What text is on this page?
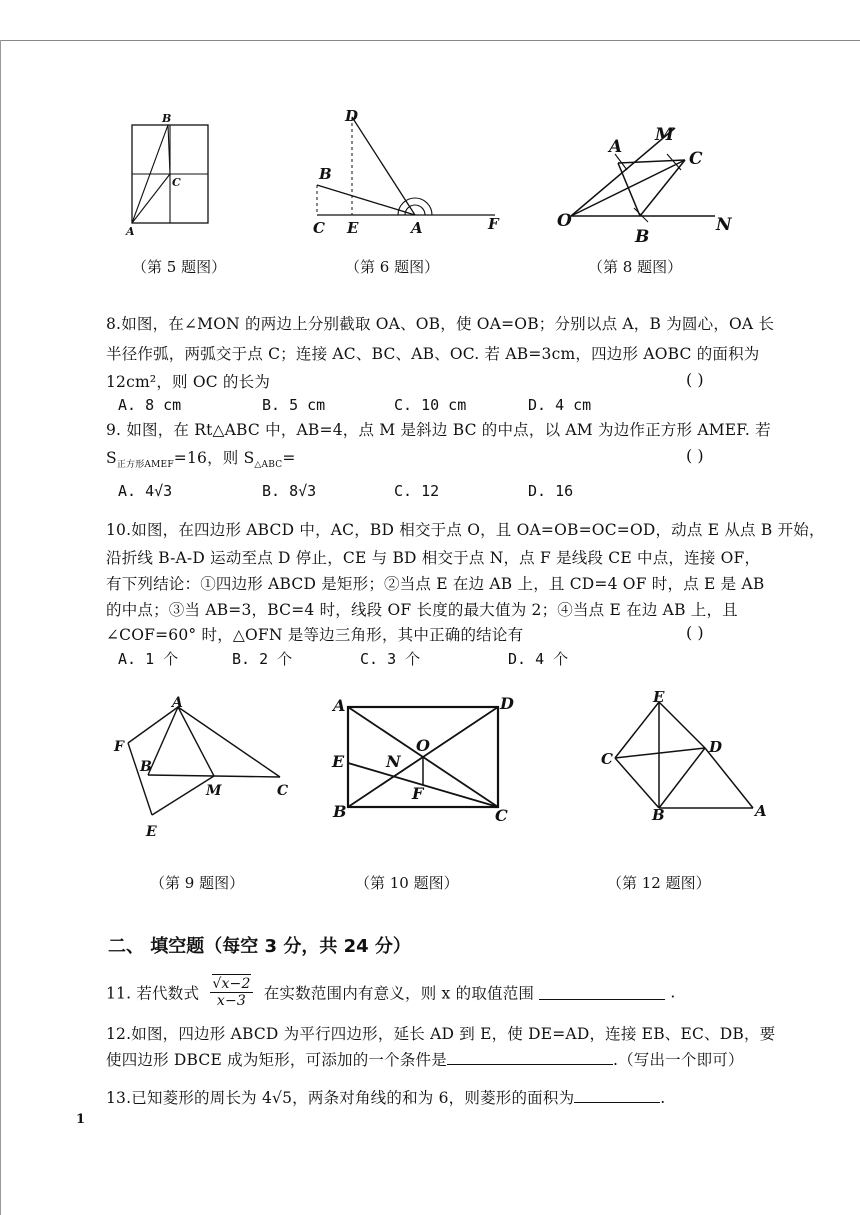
B
C
A
（第 5 题图）
D
B
C E	A	F
（第 6 题图）
A
M
C
O
B
N
（第 8 题图）
8.如图，在∠MON 的两边上分别截取 OA、OB，使 OA=OB；分别以点 A，B 为圆心，OA 长
半径作弧，两弧交于点 C；连接 AC、BC、AB、OC. 若 AB=3cm，四边形 AOBC 的面积为
12cm²，则 OC 的长为	( )
A. 8 cm	B. 5 cm	C. 10 cm	D. 4 cm
9. 如图，在 Rt△ABC 中，AB=4，点 M 是斜边 BC 的中点，以 AM 为边作正方形 AMEF. 若
$S_{正方形AMEF}=16$，则 $S_{\triangle ABC}=$	( )
A. 4√3	B. 8√3	C. 12	D. 16
10.如图，在四边形 ABCD 中，AC，BD 相交于点 O，且 OA=OB=OC=OD，动点 E 从点 B 开始，
沿折线 B-A-D 运动至点 D 停止，CE 与 BD 相交于点 N，点 F 是线段 CE 中点，连接 OF，
有下列结论：①四边形 ABCD 是矩形；②当点 E 在边 AB 上，且 CD=4 OF 时，点 E 是 AB
的中点；③当 AB=3，BC=4 时，线段 OF 长度的最大值为 2；④当点 E 在边 AB 上，且
∠COF=60° 时，△OFN 是等边三角形，其中正确的结论有	( )
A. 1 个	B. 2 个	C. 3 个	D. 4 个
A
F
B
M	C
E
（第 9 题图）
A	D
O
E	N
F
B	C
（第 10 题图）
E
D
C
B	A
（第 12 题图）
二、 填空题（每空 3 分，共 24 分）
11. 若代数式 $\frac{√x-2}{x-3}$ 在实数范围内有意义，则 x 的取值范围	.
12.如图，四边形 ABCD 为平行四边形，延长 AD 到 E，使 DE=AD，连接 EB、EC、DB，要
使四边形 DBCE 成为矩形，可添加的一个条件是	.（写出一个即可）
13.已知菱形的周长为 4√5，两条对角线的和为 6，则菱形的面积为	.
1
